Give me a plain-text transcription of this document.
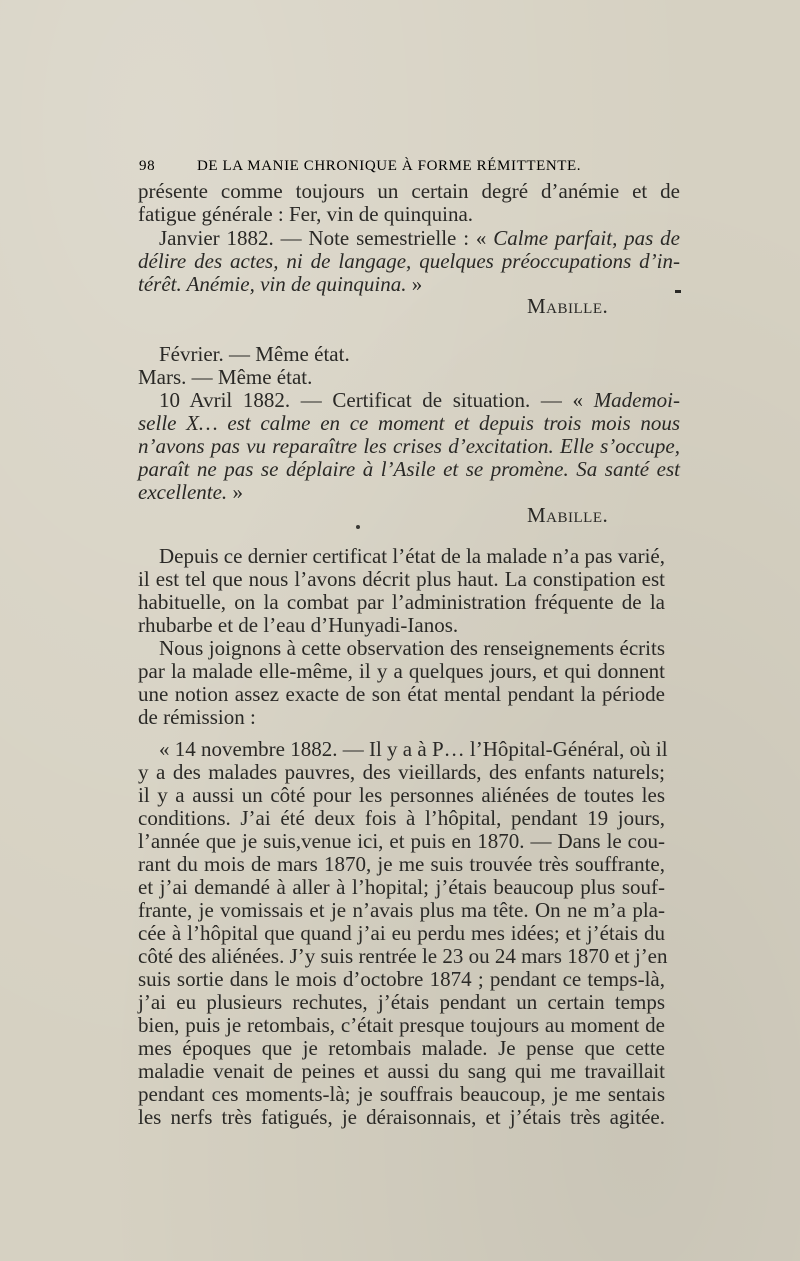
98	DE LA MANIE CHRONIQUE À FORME RÉMITTENTE.
présente comme toujours un certain degré d’anémie et de
fatigue générale : Fer, vin de quinquina.
Janvier 1882. — Note semestrielle : « Calme parfait, pas de
délire des actes, ni de langage, quelques préoccupations d’in-
térêt. Anémie, vin de quinquina. »
Mabille.
Février. — Même état.
Mars. — Même état.
10 Avril 1882. — Certificat de situation. — « Mademoi-
selle X… est calme en ce moment et depuis trois mois nous
n’avons pas vu reparaître les crises d’excitation. Elle s’occupe,
paraît ne pas se déplaire à l’Asile et se promène. Sa santé est
excellente. »
Mabille.
Depuis ce dernier certificat l’état de la malade n’a pas varié,
il est tel que nous l’avons décrit plus haut. La constipation est
habituelle, on la combat par l’administration fréquente de la
rhubarbe et de l’eau d’Hunyadi-Ianos.
Nous joignons à cette observation des renseignements écrits
par la malade elle-même, il y a quelques jours, et qui donnent
une notion assez exacte de son état mental pendant la période
de rémission :
« 14 novembre 1882. — Il y a à P… l’Hôpital-Général, où il
y a des malades pauvres, des vieillards, des enfants naturels;
il y a aussi un côté pour les personnes aliénées de toutes les
conditions. J’ai été deux fois à l’hôpital, pendant 19 jours,
l’année que je suis,venue ici, et puis en 1870. — Dans le cou-
rant du mois de mars 1870, je me suis trouvée très souffrante,
et j’ai demandé à aller à l’hopital; j’étais beaucoup plus souf-
frante, je vomissais et je n’avais plus ma tête. On ne m’a pla-
cée à l’hôpital que quand j’ai eu perdu mes idées; et j’étais du
côté des aliénées. J’y suis rentrée le 23 ou 24 mars 1870 et j’en
suis sortie dans le mois d’octobre 1874 ; pendant ce temps-là,
j’ai eu plusieurs rechutes, j’étais pendant un certain temps
bien, puis je retombais, c’était presque toujours au moment de
mes époques que je retombais malade. Je pense que cette
maladie venait de peines et aussi du sang qui me travaillait
pendant ces moments-là; je souffrais beaucoup, je me sentais
les nerfs très fatigués, je déraisonnais, et j’étais très agitée.
